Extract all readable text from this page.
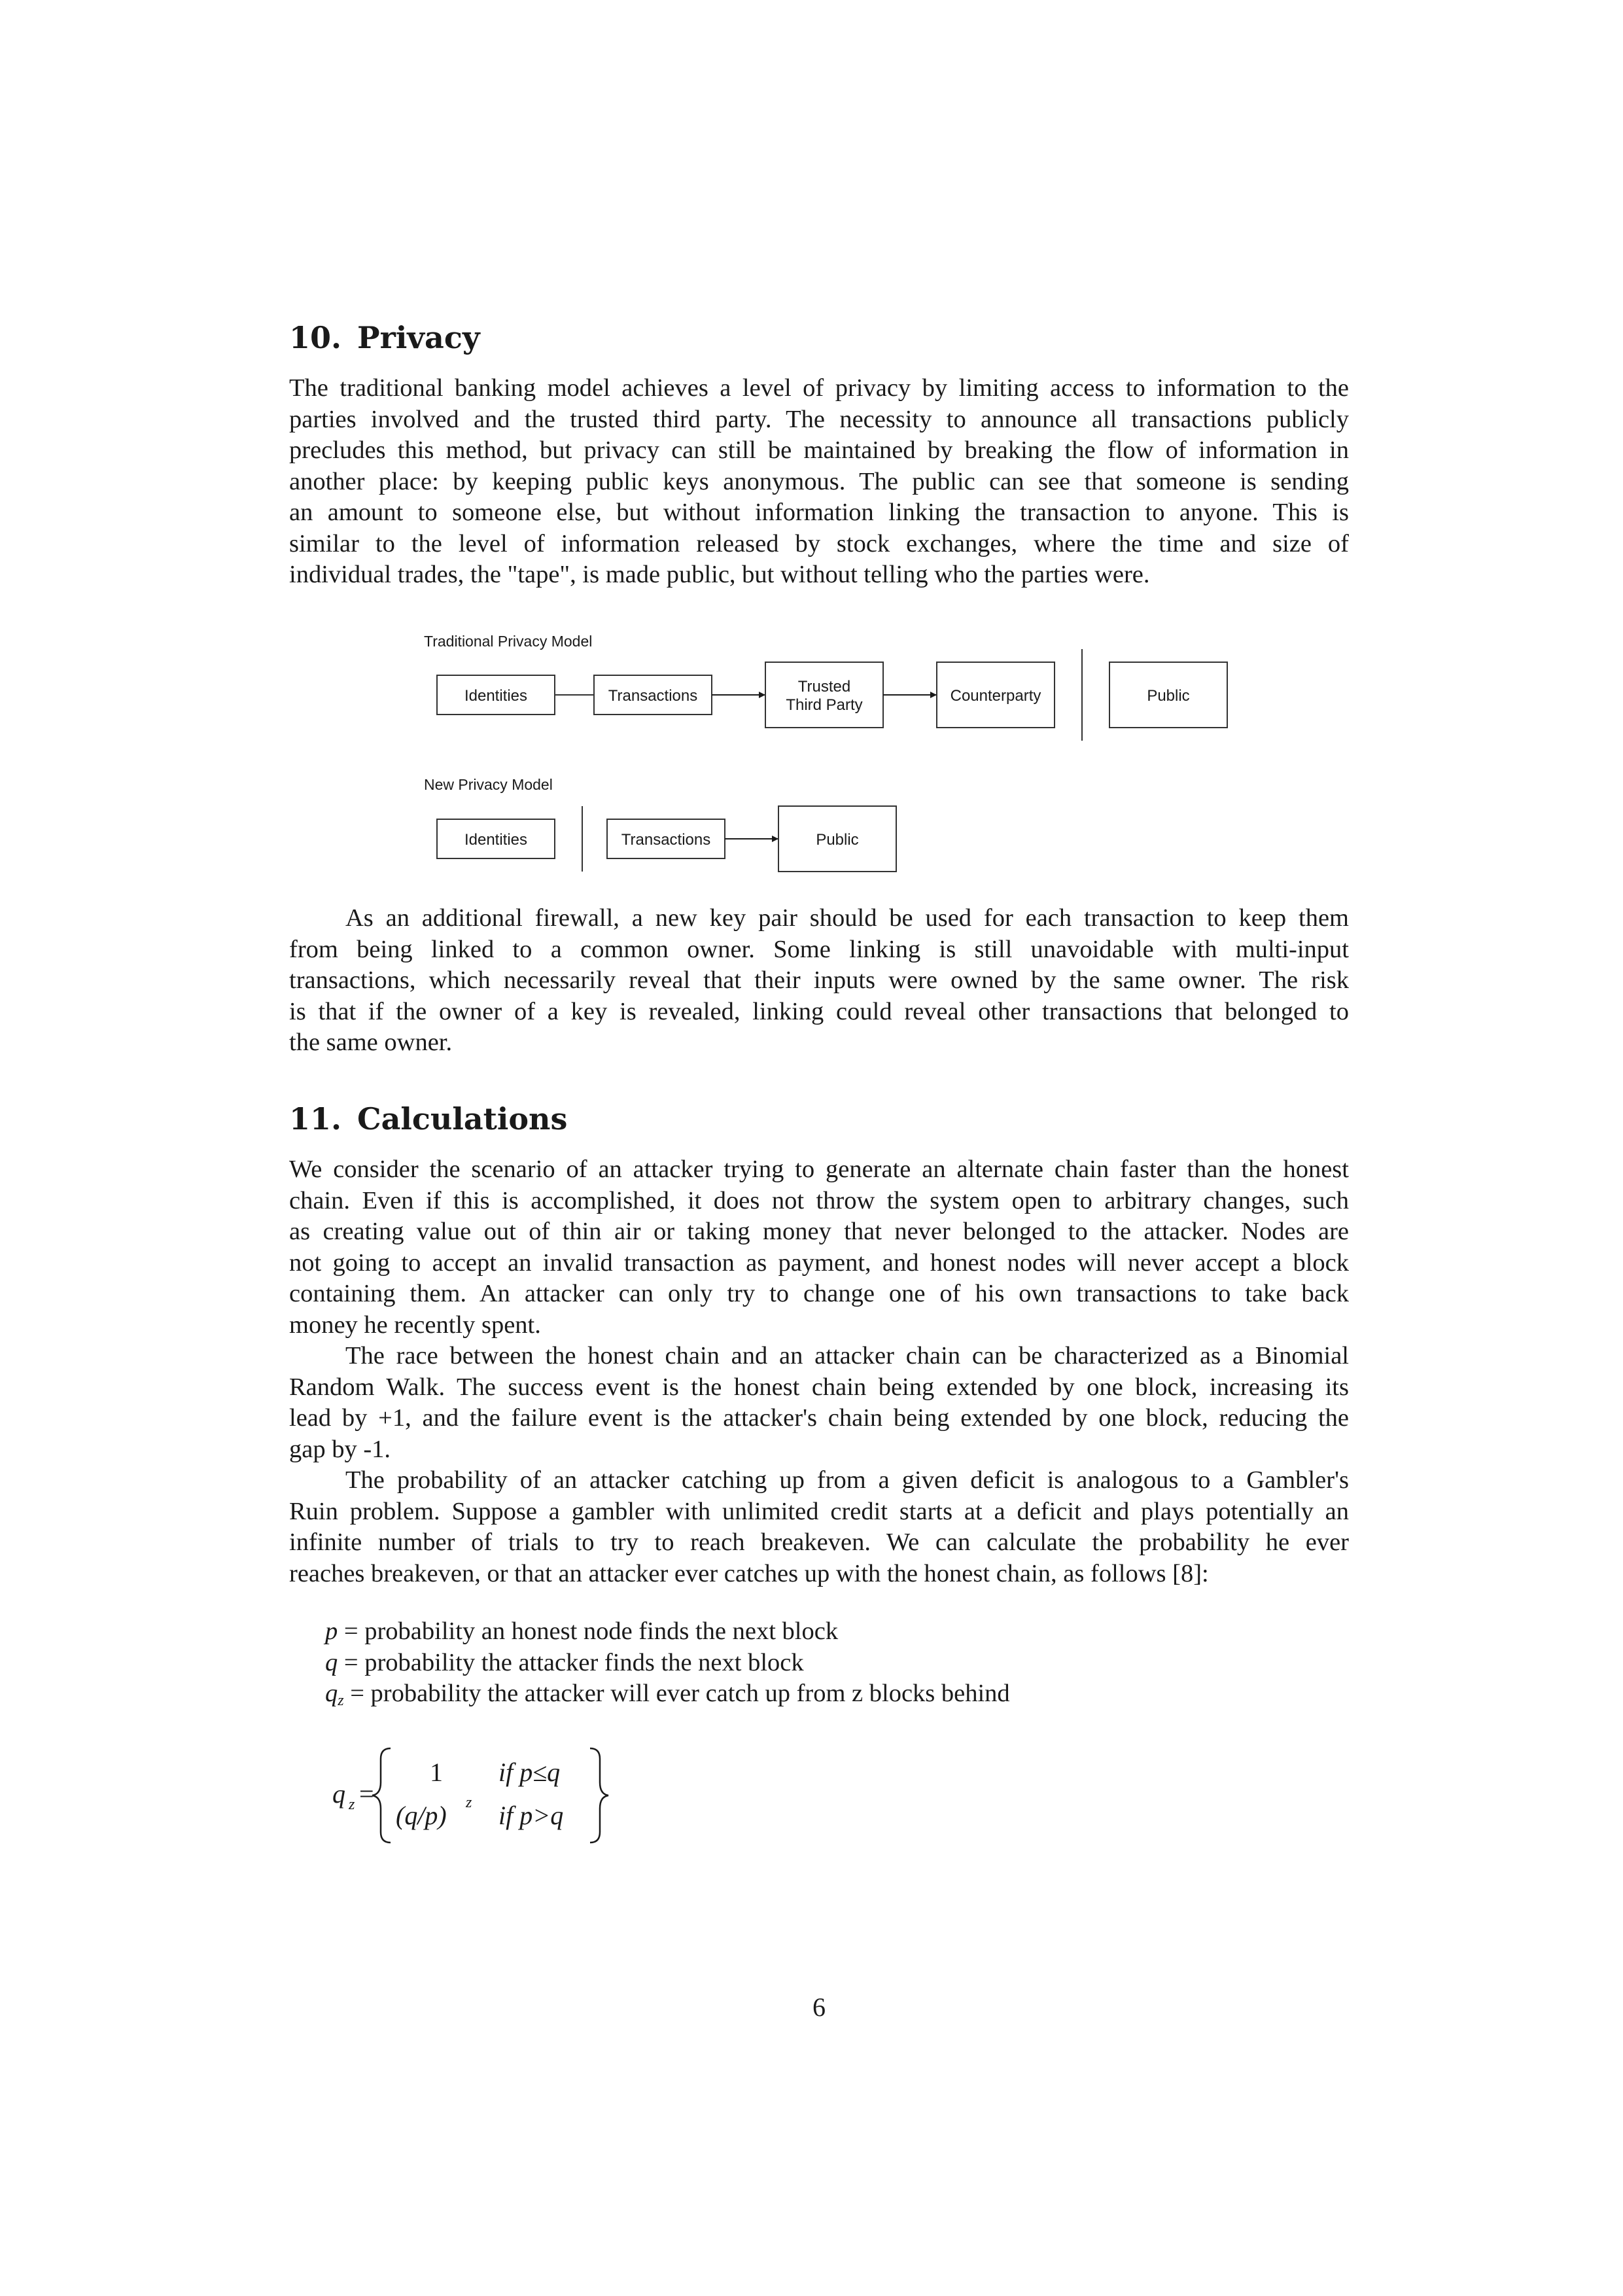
10. Privacy
The traditional banking model achieves a level of privacy by limiting access to information to the
parties involved and the trusted third party. The necessity to announce all transactions publicly
precludes this method, but privacy can still be maintained by breaking the flow of information in
another place: by keeping public keys anonymous. The public can see that someone is sending
an amount to someone else, but without information linking the transaction to anyone. This is
similar to the level of information released by stock exchanges, where the time and size of
individual trades, the "tape", is made public, but without telling who the parties were.
Traditional Privacy Model
Identities	Transactions
Trusted
Third Party
Counterparty	Public
New Privacy Model
Identities	Transactions	Public
As an additional firewall, a new key pair should be used for each transaction to keep them
from being linked to a common owner. Some linking is still unavoidable with multi-input
transactions, which necessarily reveal that their inputs were owned by the same owner. The risk
is that if the owner of a key is revealed, linking could reveal other transactions that belonged to
the same owner.
11. Calculations
We consider the scenario of an attacker trying to generate an alternate chain faster than the honest
chain. Even if this is accomplished, it does not throw the system open to arbitrary changes, such
as creating value out of thin air or taking money that never belonged to the attacker. Nodes are
not going to accept an invalid transaction as payment, and honest nodes will never accept a block
containing them. An attacker can only try to change one of his own transactions to take back
money he recently spent.
The race between the honest chain and an attacker chain can be characterized as a Binomial
Random Walk. The success event is the honest chain being extended by one block, increasing its
lead by +1, and the failure event is the attacker's chain being extended by one block, reducing the
gap by -1.
The probability of an attacker catching up from a given deficit is analogous to a Gambler's
Ruin problem. Suppose a gambler with unlimited credit starts at a deficit and plays potentially an
infinite number of trials to try to reach breakeven. We can calculate the probability he ever
reaches breakeven, or that an attacker ever catches up with the honest chain, as follows [8]:
p = probability an honest node finds the next block
q = probability the attacker finds the next block
$q_z$ = probability the attacker will ever catch up from z blocks behind
q z =
1 if p≤q
(q/p) z if p>q
6
